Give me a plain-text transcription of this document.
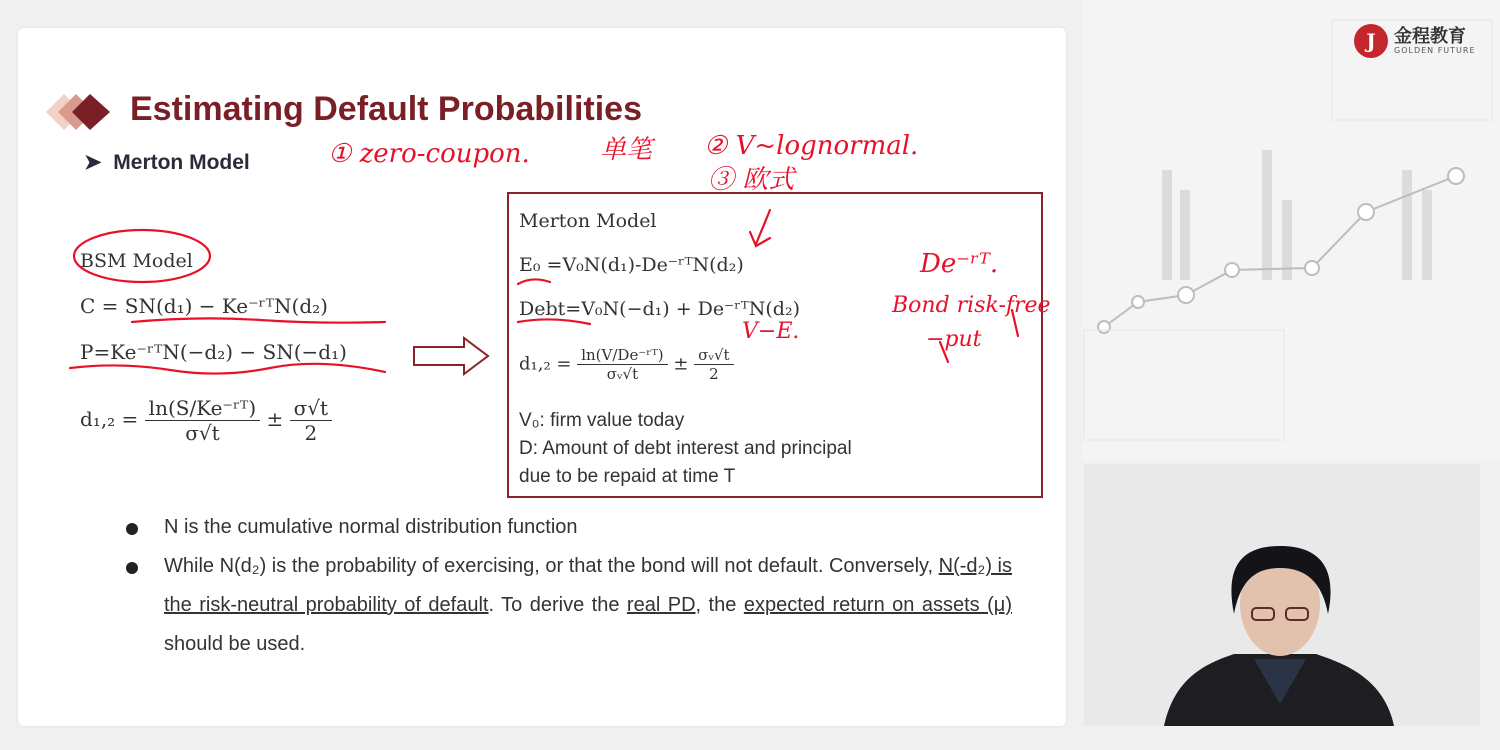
J	金程教育
GOLDEN FUTURE
Estimating Default Probabilities
➤  Merton Model
BSM Model
C = SN(d₁) − Ke⁻ʳᵀN(d₂)
P=Ke⁻ʳᵀN(−d₂) − SN(−d₁)
$d_1,_2 = \frac{\text{ln(S/Ke⁻ʳᵀ)}}{\sigma√t} \pm \frac{\sigma√t}{2}$
Merton Model
E₀ =V₀N(d₁)-De⁻ʳᵀN(d₂)
Debt=V₀N(−d₁) + De⁻ʳᵀN(d₂)
$d_1,_2 = \frac{\text{ln(V/De⁻ʳᵀ)}}{\text{σᵥ√t}} \pm \frac{\text{σᵥ√t}}{2}$
V₀: firm value today
D: Amount of debt interest and principal
due to be repaid at time T
N is the cumulative normal distribution function
While N(d₂) is the probability of exercising, or that the bond will not default. Conversely, N(-d₂) is the risk-neutral probability of default. To derive the real PD, the expected return on assets (μ) should be used.
① zero-coupon.	单笔 ② V~lognormal.
③ 欧式
De⁻ʳᵀ.
Bond risk-free
−put
V−E.
